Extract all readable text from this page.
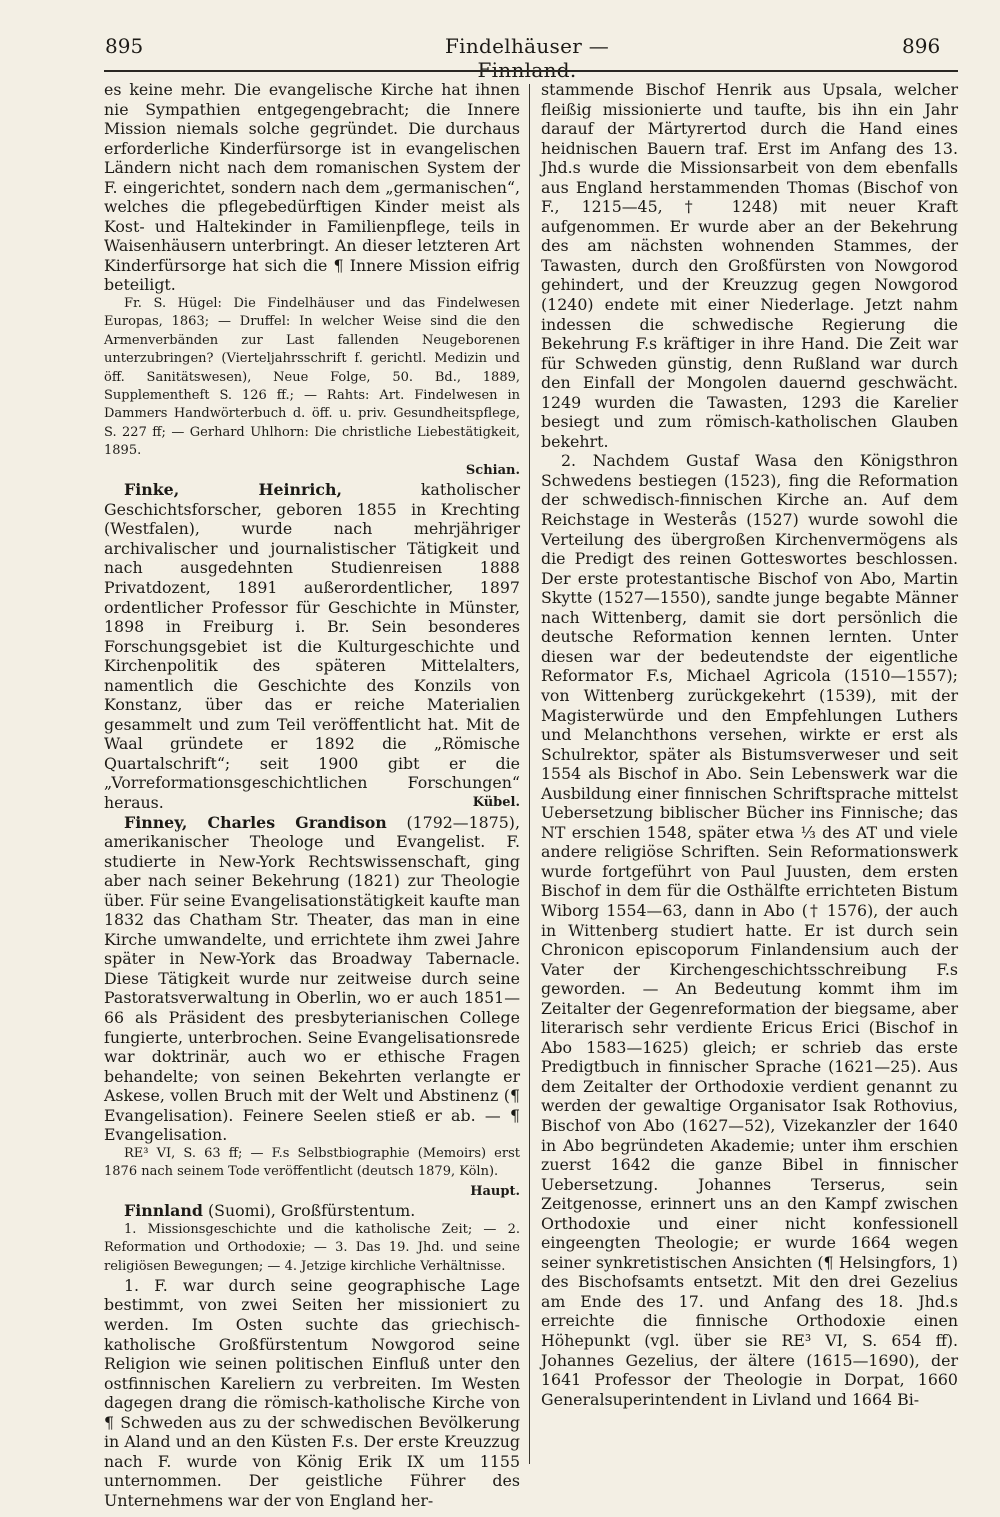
895	Findelhäuser — Finnland.
896

es keine mehr. Die evangelische Kirche hat ihnen nie Sympathien entgegengebracht; die Innere Mission niemals solche gegründet. Die durchaus erforderliche Kinderfürsorge ist in evangelischen Ländern nicht nach dem romanischen System der F. eingerichtet, sondern nach dem „germanischen“, welches die pflegebedürftigen Kinder meist als Kost- und Haltekinder in Familienpflege, teils in Waisenhäusern unterbringt. An dieser letzteren Art Kinderfürsorge hat sich die ¶ Innere Mission eifrig beteiligt.

Fr. S. Hügel: Die Findelhäuser und das Findelwesen Europas, 1863; — Druffel: In welcher Weise sind die den Armenverbänden zur Last fallenden Neugeborenen unterzubringen? (Vierteljahrsschrift f. gerichtl. Medizin und öff. Sanitätswesen), Neue Folge, 50. Bd., 1889, Supplementheft S. 126 ff.; — Rahts: Art. Findelwesen in Dammers Handwörterbuch d. öff. u. priv. Gesundheitspflege, S. 227 ff; — Gerhard Uhlhorn: Die christliche Liebestätigkeit, 1895.

Schian.

Finke, Heinrich,	katholischer Geschichtsforscher, geboren 1855 in Krechting (Westfalen), wurde nach mehrjähriger archivalischer und journalistischer Tätigkeit und nach ausgedehnten Studienreisen 1888 Privatdozent, 1891 außerordentlicher, 1897 ordentlicher Professor für Geschichte in Münster, 1898 in Freiburg i. Br. Sein besonderes Forschungsgebiet ist die Kulturgeschichte und Kirchenpolitik des späteren Mittelalters, namentlich die Geschichte des Konzils von Konstanz, über das er reiche Materialien gesammelt und zum Teil veröffentlicht hat. Mit de Waal gründete er 1892 die „Römische Quartalschrift“; seit 1900 gibt er die „Vorreformationsgeschichtlichen Forschungen“ heraus.	Kübel.

Finney, Charles Grandison (1792—1875), amerikanischer Theologe und Evangelist. F. studierte in New-York Rechtswissenschaft, ging aber nach seiner Bekehrung (1821) zur Theologie über. Für seine Evangelisationstätigkeit kaufte man 1832 das Chatham Str. Theater, das man in eine Kirche umwandelte, und errichtete ihm zwei Jahre später in New-York das Broadway Tabernacle. Diese Tätigkeit wurde nur zeitweise durch seine Pastoratsverwaltung in Oberlin, wo er auch 1851—66 als Präsident des presbyterianischen College fungierte, unterbrochen. Seine Evangelisationsrede war doktrinär, auch wo er ethische Fragen behandelte; von seinen Bekehrten verlangte er Askese, vollen Bruch mit der Welt und Abstinenz (¶ Evangelisation). Feinere Seelen stieß er ab. — ¶ Evangelisation.

RE³ VI, S. 63 ff; — F.s Selbstbiographie (Memoirs) erst 1876 nach seinem Tode veröffentlicht (deutsch 1879, Köln).

Haupt.

Finnland (Suomi), Großfürstentum.

1. Missionsgeschichte und die katholische Zeit; — 2. Reformation und Orthodoxie; — 3. Das 19. Jhd. und seine religiösen Bewegungen; — 4. Jetzige kirchliche Verhältnisse.

1. F. war durch seine geographische Lage bestimmt, von zwei Seiten her missioniert zu werden. Im Osten suchte das griechisch-katholische Großfürstentum Nowgorod seine Religion wie seinen politischen Einfluß unter den ostfinnischen Kareliern zu verbreiten. Im Westen dagegen drang die römisch-katholische Kirche von ¶ Schweden aus zu der schwedischen Bevölkerung in Aland und an den Küsten F.s. Der erste Kreuzzug nach F. wurde von König Erik IX um 1155 unternommen. Der geistliche Führer des Unternehmens war der von England her-

stammende Bischof Henrik aus Upsala, welcher fleißig missionierte und taufte, bis ihn ein Jahr darauf der Märtyrertod durch die Hand eines heidnischen Bauern traf. Erst im Anfang des 13. Jhd.s wurde die Missionsarbeit von dem ebenfalls aus England herstammenden Thomas (Bischof von F., 1215—45, † 1248) mit neuer Kraft aufgenommen. Er wurde aber an der Bekehrung des am nächsten wohnenden Stammes, der Tawasten, durch den Großfürsten von Nowgorod gehindert, und der Kreuzzug gegen Nowgorod (1240) endete mit einer Niederlage. Jetzt nahm indessen die schwedische Regierung die Bekehrung F.s kräftiger in ihre Hand. Die Zeit war für Schweden günstig, denn Rußland war durch den Einfall der Mongolen dauernd geschwächt. 1249 wurden die Tawasten, 1293 die Karelier besiegt und zum römisch-katholischen Glauben bekehrt.

2. Nachdem Gustaf Wasa den Königsthron Schwedens bestiegen (1523), fing die Reformation der schwedisch-finnischen Kirche an. Auf dem Reichstage in Westerås (1527) wurde sowohl die Verteilung des übergroßen Kirchenvermögens als die Predigt des reinen Gotteswortes beschlossen. Der erste protestantische Bischof von Abo, Martin Skytte (1527—1550), sandte junge begabte Männer nach Wittenberg, damit sie dort persönlich die deutsche Reformation kennen lernten. Unter diesen war der bedeutendste der eigentliche Reformator F.s, Michael Agricola (1510—1557); von Wittenberg zurückgekehrt (1539), mit der Magisterwürde und den Empfehlungen Luthers und Melanchthons versehen, wirkte er erst als Schulrektor, später als Bistumsverweser und seit 1554 als Bischof in Abo. Sein Lebenswerk war die Ausbildung einer finnischen Schriftsprache mittelst Uebersetzung biblischer Bücher ins Finnische; das NT erschien 1548, später etwa ⅓ des AT und viele andere religiöse Schriften. Sein Reformationswerk wurde fortgeführt von Paul Juusten, dem ersten Bischof in dem für die Osthälfte errichteten Bistum Wiborg 1554—63, dann in Abo († 1576), der auch in Wittenberg studiert hatte. Er ist durch sein Chronicon episcoporum Finlandensium auch der Vater der Kirchengeschichtsschreibung F.s geworden. — An Bedeutung kommt ihm im Zeitalter der Gegenreformation der biegsame, aber literarisch sehr verdiente Ericus Erici (Bischof in Abo 1583—1625) gleich; er schrieb das erste Predigtbuch in finnischer Sprache (1621—25). Aus dem Zeitalter der Orthodoxie verdient genannt zu werden der gewaltige Organisator Isak Rothovius, Bischof von Abo (1627—52), Vizekanzler der 1640 in Abo begründeten Akademie; unter ihm erschien zuerst 1642 die ganze Bibel in finnischer Uebersetzung. Johannes Terserus, sein Zeitgenosse, erinnert uns an den Kampf zwischen Orthodoxie und einer nicht konfessionell eingeengten Theologie; er wurde 1664 wegen seiner synkretistischen Ansichten (¶ Helsingfors, 1) des Bischofsamts entsetzt. Mit den drei Gezelius am Ende des 17. und Anfang des 18. Jhd.s erreichte die finnische Orthodoxie einen Höhepunkt (vgl. über sie RE³ VI, S. 654 ff). Johannes Gezelius, der ältere (1615—1690), der 1641 Professor der Theologie in Dorpat, 1660 Generalsuperintendent in Livland und 1664 Bi-
